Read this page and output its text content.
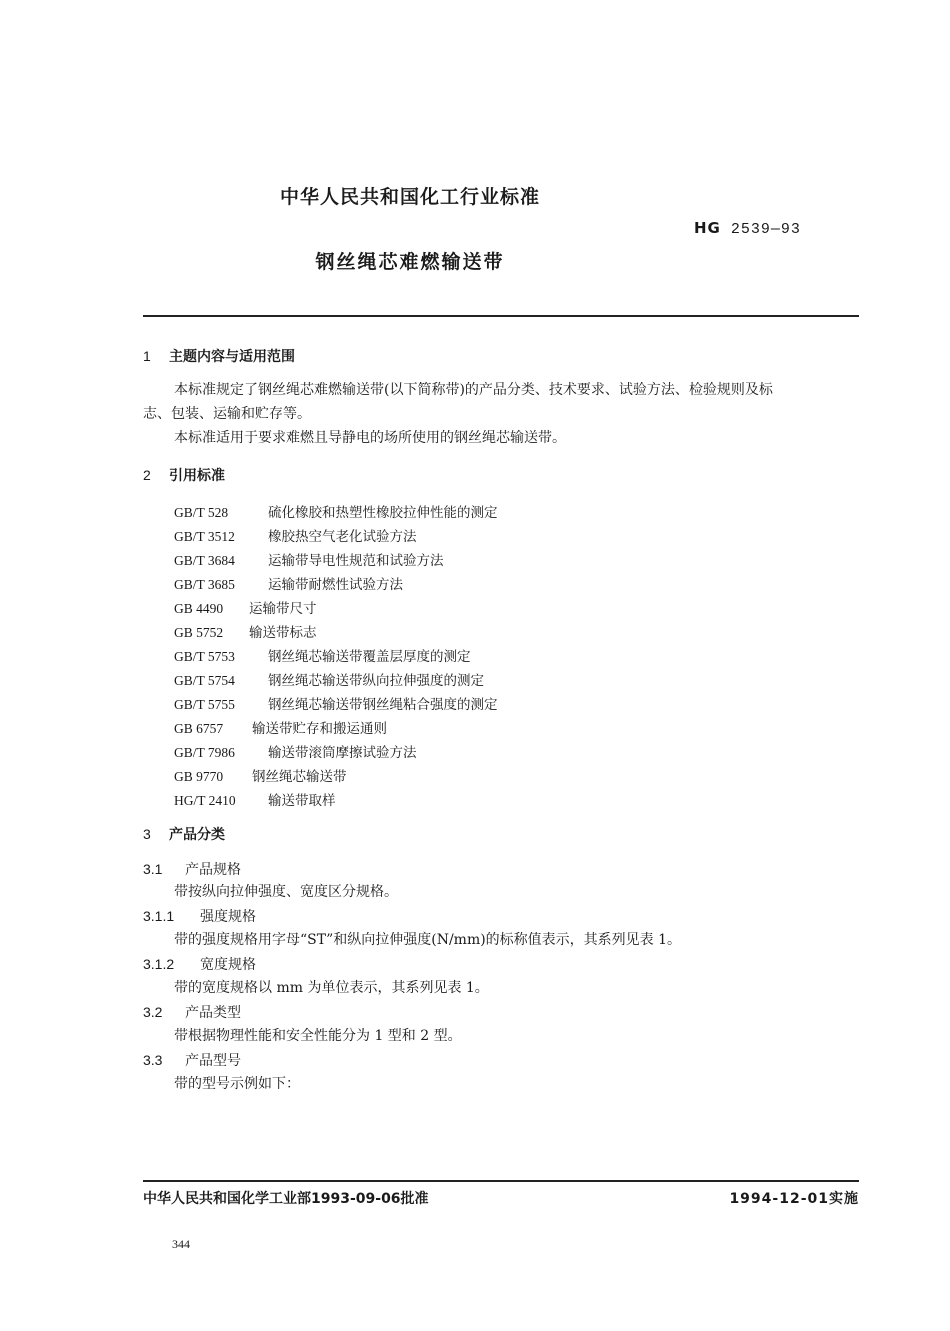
中华人民共和国化工行业标准
HG 2539—93
钢丝绳芯难燃输送带
1 主题内容与适用范围
本标准规定了钢丝绳芯难燃输送带(以下简称带)的产品分类、技术要求、试验方法、检验规则及标
志、包装、运输和贮存等。
本标准适用于要求难燃且导静电的场所使用的钢丝绳芯输送带。
2 引用标准
GB/T 528	硫化橡胶和热塑性橡胶拉伸性能的测定
GB/T 3512 橡胶热空气老化试验方法
GB/T 3684 运输带导电性规范和试验方法
GB/T 3685 运输带耐燃性试验方法
GB 4490 运输带尺寸
GB 5752 输送带标志
GB/T 5753 钢丝绳芯输送带覆盖层厚度的测定
GB/T 5754 钢丝绳芯输送带纵向拉伸强度的测定
GB/T 5755 钢丝绳芯输送带钢丝绳粘合强度的测定
GB 6757 输送带贮存和搬运通则
GB/T 7986 输送带滚筒摩擦试验方法
GB 9770 钢丝绳芯输送带
HG/T 2410 输送带取样
3 产品分类
3.1 产品规格
带按纵向拉伸强度、宽度区分规格。
3.1.1 强度规格
带的强度规格用字母“ST”和纵向拉伸强度(N/mm)的标称值表示，其系列见表 1。
3.1.2 宽度规格
带的宽度规格以 mm 为单位表示，其系列见表 1。
3.2 产品类型
带根据物理性能和安全性能分为 1 型和 2 型。
3.3 产品型号
带的型号示例如下：
中华人民共和国化学工业部1993-09-06批准	1994-12-01实施
344
